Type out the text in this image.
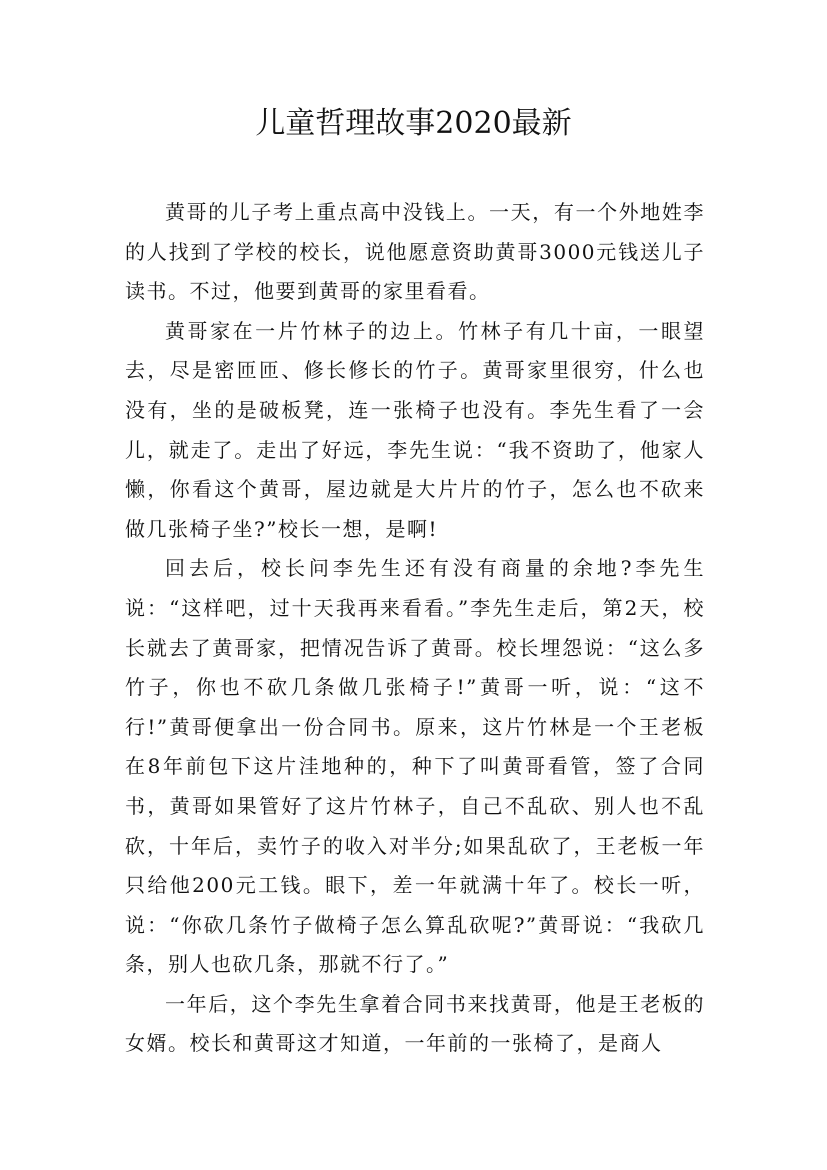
儿童哲理故事2020最新

黄哥的儿子考上重点高中没钱上。一天，有一个外地姓李的人找到了学校的校长，说他愿意资助黄哥3000元钱送儿子读书。不过，他要到黄哥的家里看看。

黄哥家在一片竹林子的边上。竹林子有几十亩，一眼望去，尽是密匝匝、修长修长的竹子。黄哥家里很穷，什么也没有，坐的是破板凳，连一张椅子也没有。李先生看了一会儿，就走了。走出了好远，李先生说：“我不资助了，他家人懒，你看这个黄哥，屋边就是大片片的竹子，怎么也不砍来做几张椅子坐?”校长一想，是啊!

回去后，校长问李先生还有没有商量的余地?李先生说：“这样吧，过十天我再来看看。”李先生走后，第2天，校长就去了黄哥家，把情况告诉了黄哥。校长埋怨说：“这么多竹子，你也不砍几条做几张椅子!”黄哥一听，说：“这不行!”黄哥便拿出一份合同书。原来，这片竹林是一个王老板在8年前包下这片洼地种的，种下了叫黄哥看管，签了合同书，黄哥如果管好了这片竹林子，自己不乱砍、别人也不乱砍，十年后，卖竹子的收入对半分;如果乱砍了，王老板一年只给他200元工钱。眼下，差一年就满十年了。校长一听，说：“你砍几条竹子做椅子怎么算乱砍呢?”黄哥说：“我砍几条，别人也砍几条，那就不行了。”

一年后，这个李先生拿着合同书来找黄哥，他是王老板的女婿。校长和黄哥这才知道，一年前的一张椅了，是商人
